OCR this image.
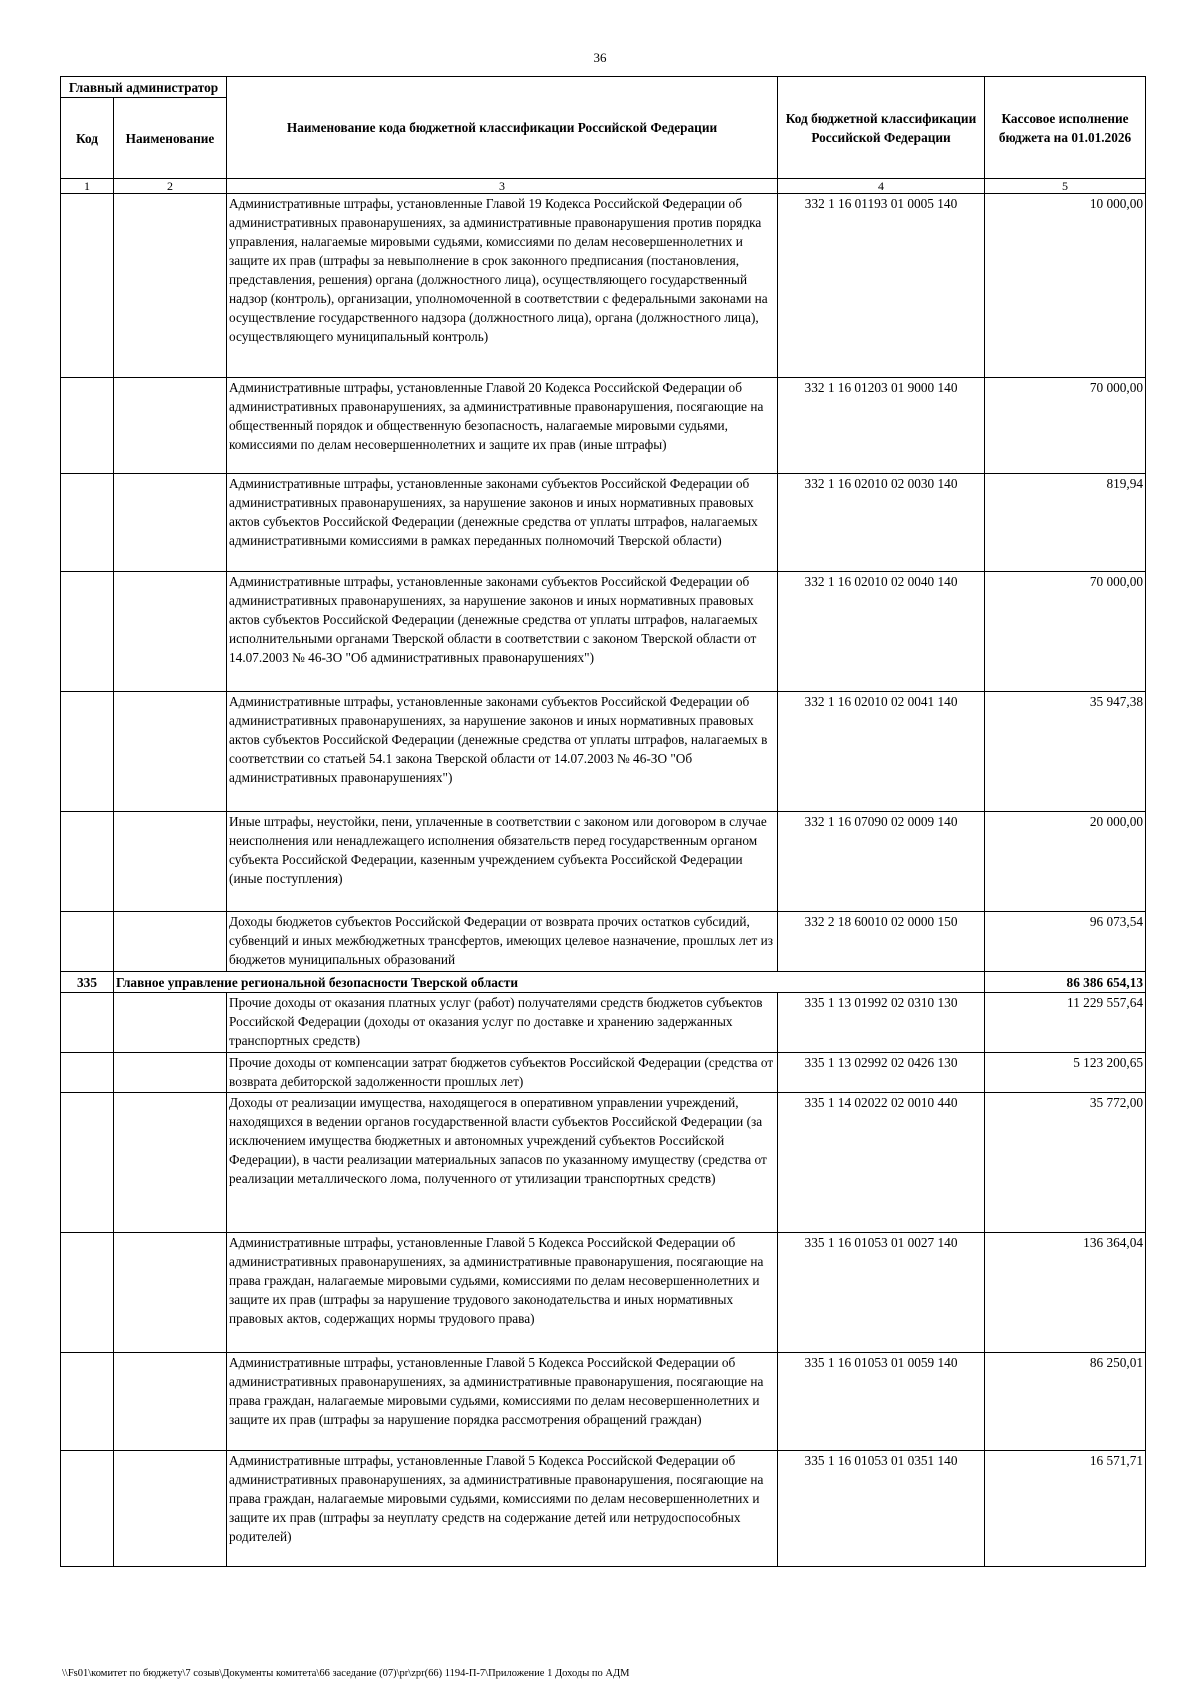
36
Главный администратор		Наименование кода бюджетной классификации Российской Федерации	Код бюджетной классификации Российской Федерации	Кассовое исполнение бюджета на 01.01.2026
Код	Наименование			
1	2	3	4	5
		Административные штрафы, установленные Главой 19 Кодекса Российской Федерации об административных правонарушениях, за административные правонарушения против порядка управления, налагаемые мировыми судьями, комиссиями по делам несовершеннолетних и защите их прав (штрафы за невыполнение в срок законного предписания (постановления, представления, решения) органа (должностного лица), осуществляющего государственный надзор (контроль), организации, уполномоченной в соответствии с федеральными законами на осуществление государственного надзора (должностного лица), органа (должностного лица), осуществляющего муниципальный контроль)	332 1 16 01193 01 0005 140	10 000,00
		Административные штрафы, установленные Главой 20 Кодекса Российской Федерации об административных правонарушениях, за административные правонарушения, посягающие на общественный порядок и общественную безопасность, налагаемые мировыми судьями, комиссиями по делам несовершеннолетних и защите их прав (иные штрафы)	332 1 16 01203 01 9000 140	70 000,00
		Административные штрафы, установленные законами субъектов Российской Федерации об административных правонарушениях, за нарушение законов и иных нормативных правовых актов субъектов Российской Федерации (денежные средства от уплаты штрафов, налагаемых административными комиссиями в рамках переданных полномочий Тверской области)	332 1 16 02010 02 0030 140	819,94
		Административные штрафы, установленные законами субъектов Российской Федерации об административных правонарушениях, за нарушение законов и иных нормативных правовых актов субъектов Российской Федерации (денежные средства от уплаты штрафов, налагаемых исполнительными органами Тверской области в соответствии с законом Тверской области от 14.07.2003 № 46-ЗО "Об административных правонарушениях")	332 1 16 02010 02 0040 140	70 000,00
		Административные штрафы, установленные законами субъектов Российской Федерации об административных правонарушениях, за нарушение законов и иных нормативных правовых актов субъектов Российской Федерации (денежные средства от уплаты штрафов, налагаемых в соответствии со статьей 54.1 закона Тверской области от 14.07.2003 № 46-ЗО "Об административных правонарушениях")	332 1 16 02010 02 0041 140	35 947,38
		Иные штрафы, неустойки, пени, уплаченные в соответствии с законом или договором в случае неисполнения или ненадлежащего исполнения обязательств перед государственным органом субъекта Российской Федерации, казенным учреждением субъекта Российской Федерации (иные поступления)	332 1 16 07090 02 0009 140	20 000,00
		Доходы бюджетов субъектов Российской Федерации от возврата прочих остатков субсидий, субвенций и иных межбюджетных трансфертов, имеющих целевое назначение, прошлых лет из бюджетов муниципальных образований	332 2 18 60010 02 0000 150	96 073,54
335	Главное управление региональной безопасности Тверской области			86 386 654,13
		Прочие доходы от оказания платных услуг (работ) получателями средств бюджетов субъектов Российской Федерации (доходы от оказания услуг по доставке и хранению задержанных транспортных средств)	335 1 13 01992 02 0310 130	11 229 557,64
		Прочие доходы от компенсации затрат бюджетов субъектов Российской Федерации (средства от возврата дебиторской задолженности прошлых лет)	335 1 13 02992 02 0426 130	5 123 200,65
		Доходы от реализации имущества, находящегося в оперативном управлении учреждений, находящихся в ведении органов государственной власти субъектов Российской Федерации (за исключением имущества бюджетных и автономных учреждений субъектов Российской Федерации), в части реализации материальных запасов по указанному имуществу (средства от реализации металлического лома, полученного от утилизации транспортных средств)	335 1 14 02022 02 0010 440	35 772,00
		Административные штрафы, установленные Главой 5 Кодекса Российской Федерации об административных правонарушениях, за административные правонарушения, посягающие на права граждан, налагаемые мировыми судьями, комиссиями по делам несовершеннолетних и защите их прав (штрафы за нарушение трудового законодательства и иных нормативных правовых актов, содержащих нормы трудового права)	335 1 16 01053 01 0027 140	136 364,04
		Административные штрафы, установленные Главой 5 Кодекса Российской Федерации об административных правонарушениях, за административные правонарушения, посягающие на права граждан, налагаемые мировыми судьями, комиссиями по делам несовершеннолетних и защите их прав (штрафы за нарушение порядка рассмотрения обращений граждан)	335 1 16 01053 01 0059 140	86 250,01
		Административные штрафы, установленные Главой 5 Кодекса Российской Федерации об административных правонарушениях, за административные правонарушения, посягающие на права граждан, налагаемые мировыми судьями, комиссиями по делам несовершеннолетних и защите их прав (штрафы за неуплату средств на содержание детей или нетрудоспособных родителей)	335 1 16 01053 01 0351 140	16 571,71
\\Fs01\комитет по бюджету\7 созыв\Документы комитета\66 заседание (07)\pr\zpr(66) 1194-П-7\Приложение 1 Доходы по АДМ
